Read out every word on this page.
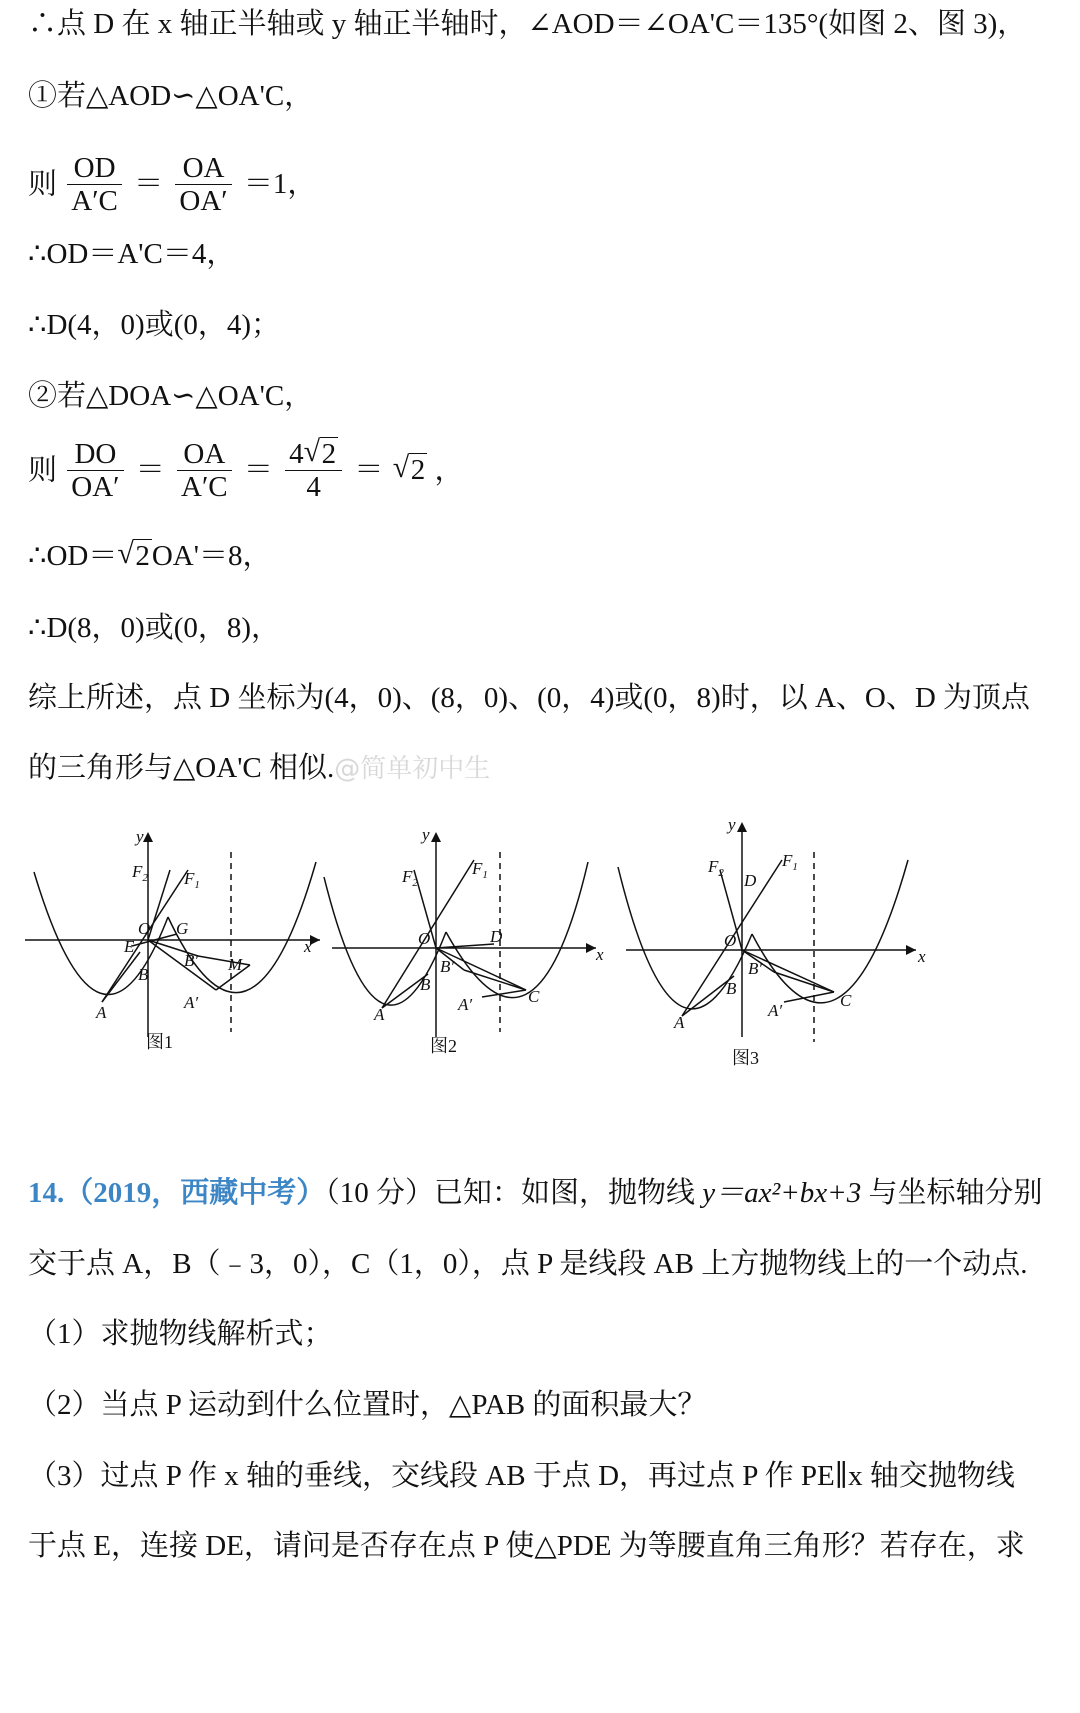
∴点 D 在 x 轴正半轴或 y 轴正半轴时，∠AOD＝∠OA'C＝135°(如图 2、图 3)，
①若△AOD∽△OA'C，
则 $\frac{OD}{A'C} = \frac{OA}{OA'} =1$，
∴OD＝A'C＝4，
∴D(4，0)或(0，4)；
②若△DOA∽△OA'C，
则 $\frac{DO}{OA'} = \frac{OA}{A'C} = \frac{4 √ 2}{4}$ ＝ √ 2 ，
∴OD＝ √ 2OA'＝8，
∴D(8，0)或(0，8)，
综上所述，点 D 坐标为(4，0)、(8，0)、(0，4)或(0，8)时，以 A、O、D 为顶点
的三角形与△OA'C 相似.@简单初中生
y
x
$F_2$ $F_1$
O G
E
B
B′ M
A′
A
图1
y
x
$F_2$
$F_1$
O	D
B′
B
A
A′	C
图2
y
x
$F_2$
$F_1$
D
O
B′
B
A
A′
C
图3
14.（2019，西藏中考）（10 分）已知：如图，抛物线 y＝ax²+bx+3 与坐标轴分别
交于点 A，B（﹣3，0），C（1，0），点 P 是线段 AB 上方抛物线上的一个动点.
（1）求抛物线解析式；
（2）当点 P 运动到什么位置时，△PAB 的面积最大？
（3）过点 P 作 x 轴的垂线，交线段 AB 于点 D，再过点 P 作 PE∥x 轴交抛物线
于点 E，连接 DE，请问是否存在点 P 使△PDE 为等腰直角三角形？若存在，求
